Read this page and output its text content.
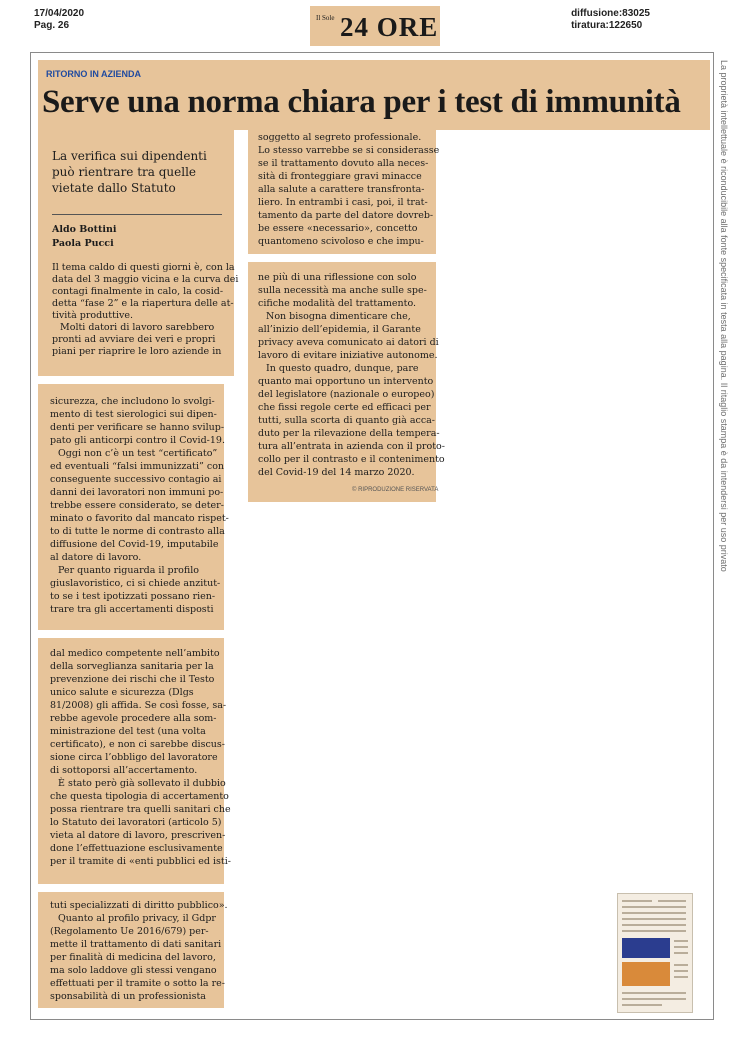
17/04/2020
Pag. 26
Il Sole 24 ORE	diffusione:83025
tiratura:122650
La proprietà intellettuale è riconducibile alla fonte specificata in testa alla pagina. Il ritaglio stampa è da intendersi per uso privato
RITORNO IN AZIENDA
Serve una norma chiara per i test di immunità
La verifica sui dipendenti
può rientrare tra quelle
vietate dallo Statuto
Aldo Bottini
Paola Pucci
Il tema caldo di questi giorni è, con la
data del 3 maggio vicina e la curva dei
contagi finalmente in calo, la cosid-
detta “fase 2” e la riapertura delle at-
tività produttive.
Molti datori di lavoro sarebbero
pronti ad avviare dei veri e propri
piani per riaprire le loro aziende in
sicurezza, che includono lo svolgi-
mento di test sierologici sui dipen-
denti per verificare se hanno svilup-
pato gli anticorpi contro il Covid-19.
Oggi non c’è un test “certificato”
ed eventuali “falsi immunizzati” con
conseguente successivo contagio ai
danni dei lavoratori non immuni po-
trebbe essere considerato, se deter-
minato o favorito dal mancato rispet-
to di tutte le norme di contrasto alla
diffusione del Covid-19, imputabile
al datore di lavoro.
Per quanto riguarda il profilo
giuslavoristico, ci si chiede anzitut-
to se i test ipotizzati possano rien-
trare tra gli accertamenti disposti
dal medico competente nell’ambito
della sorveglianza sanitaria per la
prevenzione dei rischi che il Testo
unico salute e sicurezza (Dlgs
81/2008) gli affida. Se così fosse, sa-
rebbe agevole procedere alla som-
ministrazione del test (una volta
certificato), e non ci sarebbe discus-
sione circa l’obbligo del lavoratore
di sottoporsi all’accertamento.
È stato però già sollevato il dubbio
che questa tipologia di accertamento
possa rientrare tra quelli sanitari che
lo Statuto dei lavoratori (articolo 5)
vieta al datore di lavoro, prescriven-
done l’effettuazione esclusivamente
per il tramite di «enti pubblici ed isti-
tuti specializzati di diritto pubblico».
Quanto al profilo privacy, il Gdpr
(Regolamento Ue 2016/679) per-
mette il trattamento di dati sanitari
per finalità di medicina del lavoro,
ma solo laddove gli stessi vengano
effettuati per il tramite o sotto la re-
sponsabilità di un professionista
soggetto al segreto professionale.
Lo stesso varrebbe se si considerasse
se il trattamento dovuto alla neces-
sità di fronteggiare gravi minacce
alla salute a carattere transfronta-
liero. In entrambi i casi, poi, il trat-
tamento da parte del datore dovreb-
be essere «necessario», concetto
quantomeno scivoloso e che impu-
ne più di una riflessione con solo
sulla necessità ma anche sulle spe-
cifiche modalità del trattamento.
Non bisogna dimenticare che,
all’inizio dell’epidemia, il Garante
privacy aveva comunicato ai datori di
lavoro di evitare iniziative autonome.
In questo quadro, dunque, pare
quanto mai opportuno un intervento
del legislatore (nazionale o europeo)
che fissi regole certe ed efficaci per
tutti, sulla scorta di quanto già acca-
duto per la rilevazione della tempera-
tura all’entrata in azienda con il proto-
collo per il contrasto e il contenimento
del Covid-19 del 14 marzo 2020.
© RIPRODUZIONE RISERVATA
